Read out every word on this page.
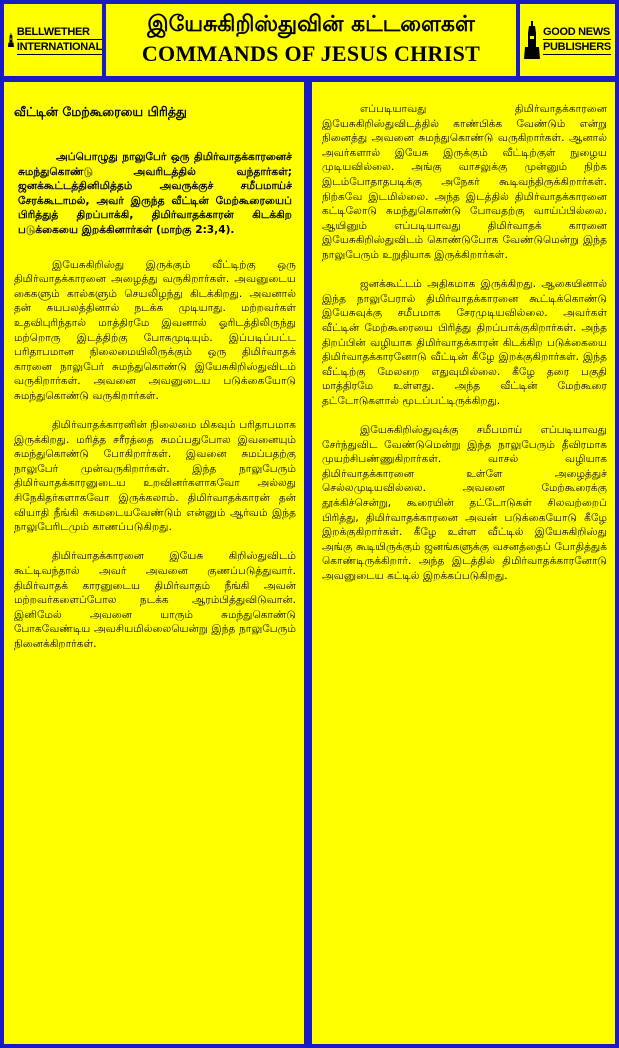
BELLWETHER
INTERNATIONAL
இயேசுகிறிஸ்துவின் கட்டளைகள்
COMMANDS OF JESUS CHRIST
GOOD NEWS
PUBLISHERS
வீட்டின் மேற்கூரையை பிரித்து

அப்பொழுது நாலுபேர் ஒரு திமிர்வாதக்காரனைச் சுமந்துகொண்டு அவரிடத்தில் வந்தார்கள்; ஜனக்கூட்டத்தினிமித்தம் அவருக்குச் சமீபமாய்ச் சேரக்கூடாமல், அவர் இருந்த வீட்டின் மேற்கூரையைப் பிரித்துத் திறப்பாக்கி, திமிர்வாதக்காரன் கிடக்கிற படுக்கையை இறக்கினார்கள் (மாற்கு 2:3,4).

இயேசுகிறிஸ்து இருக்கும் வீட்டிற்கு ஒரு திமிர்வாதக்காரனை அழைத்து வருகிறார்கள். அவனுடைய கைகளும் கால்களும் செயலிழந்து கிடக்கிறது. அவனால் தன் சுயபலத்தினால் நடக்க முடியாது. மற்றவர்கள் உதவிபுரிந்தால் மாத்திரமே இவனால் ஓரிடத்திலிருந்து மற்றொரு இடத்திற்கு போகமுடியும். இப்படிப்பட்ட பரிதாபமான நிலைமையிலிருக்கும் ஒரு திமிர்வாதக் காரனை நாலுபேர் சுமந்துகொண்டு இயேசுகிறிஸ்துவிடம் வருகிறார்கள். அவனை அவனுடைய படுக்கையோடு சுமந்துகொண்டு வருகிறார்கள்.

திமிர்வாதக்காரனின் நிலைமை மிகவும் பரிதாபமாக இருக்கிறது. மரித்த சரீரத்தை சுமப்பதுபோல இவனையும் சுமந்துகொண்டு போகிறார்கள். இவனை சுமப்பதற்கு நாலுபேர் முன்வருகிறார்கள். இந்த நாலுபேரும் திமிர்வாதக்காரனுடைய உறவினர்களாகவோ அல்லது சிநேகிதர்களாகவோ இருக்கலாம். திமிர்வாதக்காரன் தன் வியாதி நீங்கி சுகமடையவேண்டும் என்னும் ஆர்வம் இந்த நாலுபேரிடமும் காணப்படுகிறது.

திமிர்வாதக்காரனை இயேசு கிறிஸ்துவிடம் கூட்டிவந்தால் அவர் அவனை குணப்படுத்துவார். திமிர்வாதக் காரனுடைய திமிர்வாதம் நீங்கி அவன் மற்றவர்களைப்போல நடக்க ஆரம்பித்துவிடுவான். இனிமேல் அவனை யாரும் சுமந்துகொண்டு போகவேண்டிய அவசியமில்லையென்று இந்த நாலுபேரும் நினைக்கிறார்கள்.

எப்படியாவது திமிர்வாதக்காரனை இயேசுகிறிஸ்துவிடத்தில் காண்பிக்க வேண்டும் என்று நினைத்து அவனை சுமந்துகொண்டு வருகிறார்கள். ஆனால் அவர்களால் இயேசு இருக்கும் வீட்டிற்குள் நுழைய முடியவில்லை. அங்கு வாசலுக்கு முன்னும் நிற்க இடம்போதாதபடிக்கு அநேகர் கூடிவந்திருக்கிறார்கள். நிற்கவே இடமில்லை. அந்த இடத்தில் திமிர்வாதக்காரனை கட்டிலோடு சுமந்துகொண்டு போவதற்கு வாய்ப்பில்லை. ஆயினும் எப்படியாவது திமிர்வாதக் காரனை இயேசுகிறிஸ்துவிடம் கொண்டுபோக வேண்டுமென்று இந்த நாலுபேரும் உறுதியாக இருக்கிறார்கள்.

ஜனக்கூட்டம் அதிகமாக இருக்கிறது. ஆகையினால் இந்த நாலுபேரால் திமிர்வாதக்காரனை கூட்டிக்கொண்டு இயேசுவுக்கு சமீபமாக சேரமுடியவில்லை. அவர்கள் வீட்டின் மேற்கூரையை பிரித்து திறப்பாக்குகிறார்கள். அந்த திறப்பின் வழியாக திமிர்வாதக்காரன் கிடக்கிற படுக்கையை திமிர்வாதக்காரனோடு வீட்டின் கீழே இறக்குகிறார்கள். இந்த வீட்டிற்கு மேலறை எதுவுமில்லை. கீழே தரை பகுதி மாத்திரமே உள்ளது. அந்த வீட்டின் மேற்கூரை தட்டோடுகளால் மூடப்பட்டிருக்கிறது.

இயேசுகிறிஸ்துவுக்கு சமீபமாய் எப்படியாவது சேர்ந்துவிட வேண்டுமென்று இந்த நாலுபேரும் தீவிரமாக முயற்சிபண்ணுகிறார்கள். வாசல் வழியாக திமிர்வாதக்காரனை உள்ளே அழைத்துச் செல்லமுடியவில்லை. அவனை மேற்கூரைக்கு தூக்கிச்சென்று, கூரையின் தட்டோடுகள் சிலவற்றைப் பிரித்து, திமிர்வாதக்காரனை அவன் படுக்கையோடு கீழே இறக்குகிறார்கள். கீழே உள்ள வீட்டில் இயேசுகிறிஸ்து அங்கு கூடியிருக்கும் ஜனங்களுக்கு வசனத்தைப் போதித்துக் கொண்டிருக்கிறார். அந்த இடத்தில் திமிர்வாதக்காரனோடு அவனுடைய கட்டில் இறக்கப்படுகிறது.
